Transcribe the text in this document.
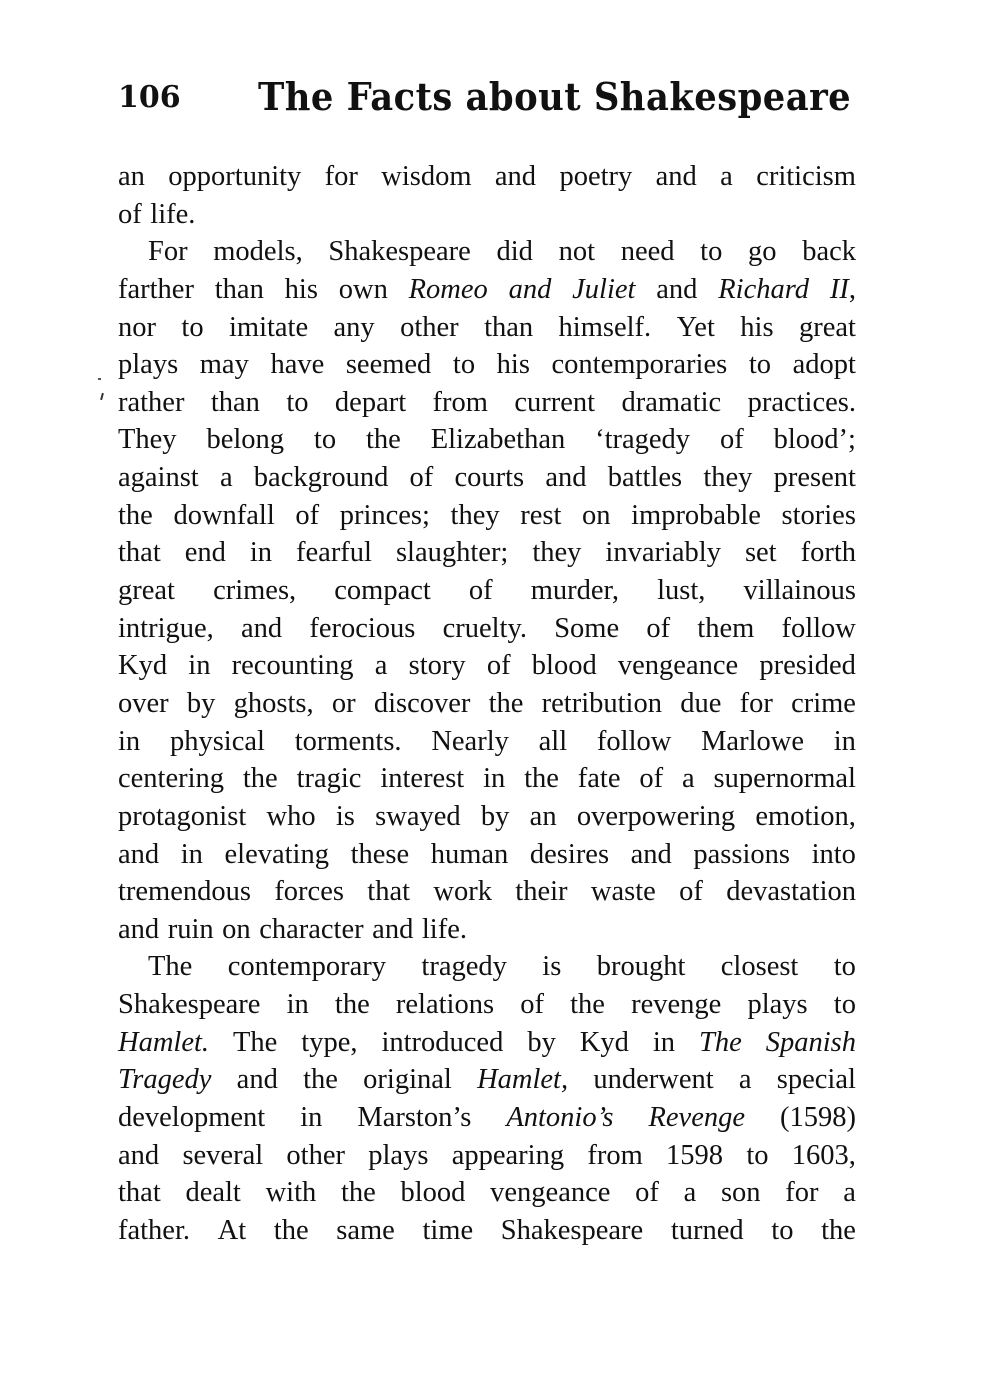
106 The Facts about Shakespeare
an opportunity for wisdom and poetry and a criticism
of life.
For models, Shakespeare did not need to go back
farther than his own Romeo and Juliet and Richard II,
nor to imitate any other than himself. Yet his great
plays may have seemed to his contemporaries to adopt
rather than to depart from current dramatic practices.
They belong to the Elizabethan ‘tragedy of blood’;
against a background of courts and battles they present
the downfall of princes; they rest on improbable stories
that end in fearful slaughter; they invariably set forth
great crimes, compact of murder, lust, villainous
intrigue, and ferocious cruelty. Some of them follow
Kyd in recounting a story of blood vengeance presided
over by ghosts, or discover the retribution due for crime
in physical torments. Nearly all follow Marlowe in
centering the tragic interest in the fate of a supernormal
protagonist who is swayed by an overpowering emotion,
and in elevating these human desires and passions into
tremendous forces that work their waste of devastation
and ruin on character and life.
The contemporary tragedy is brought closest to
Shakespeare in the relations of the revenge plays to
Hamlet. The type, introduced by Kyd in The Spanish
Tragedy and the original Hamlet, underwent a special
development in Marston’s Antonio’s Revenge (1598)
and several other plays appearing from 1598 to 1603,
that dealt with the blood vengeance of a son for a
father. At the same time Shakespeare turned to the
